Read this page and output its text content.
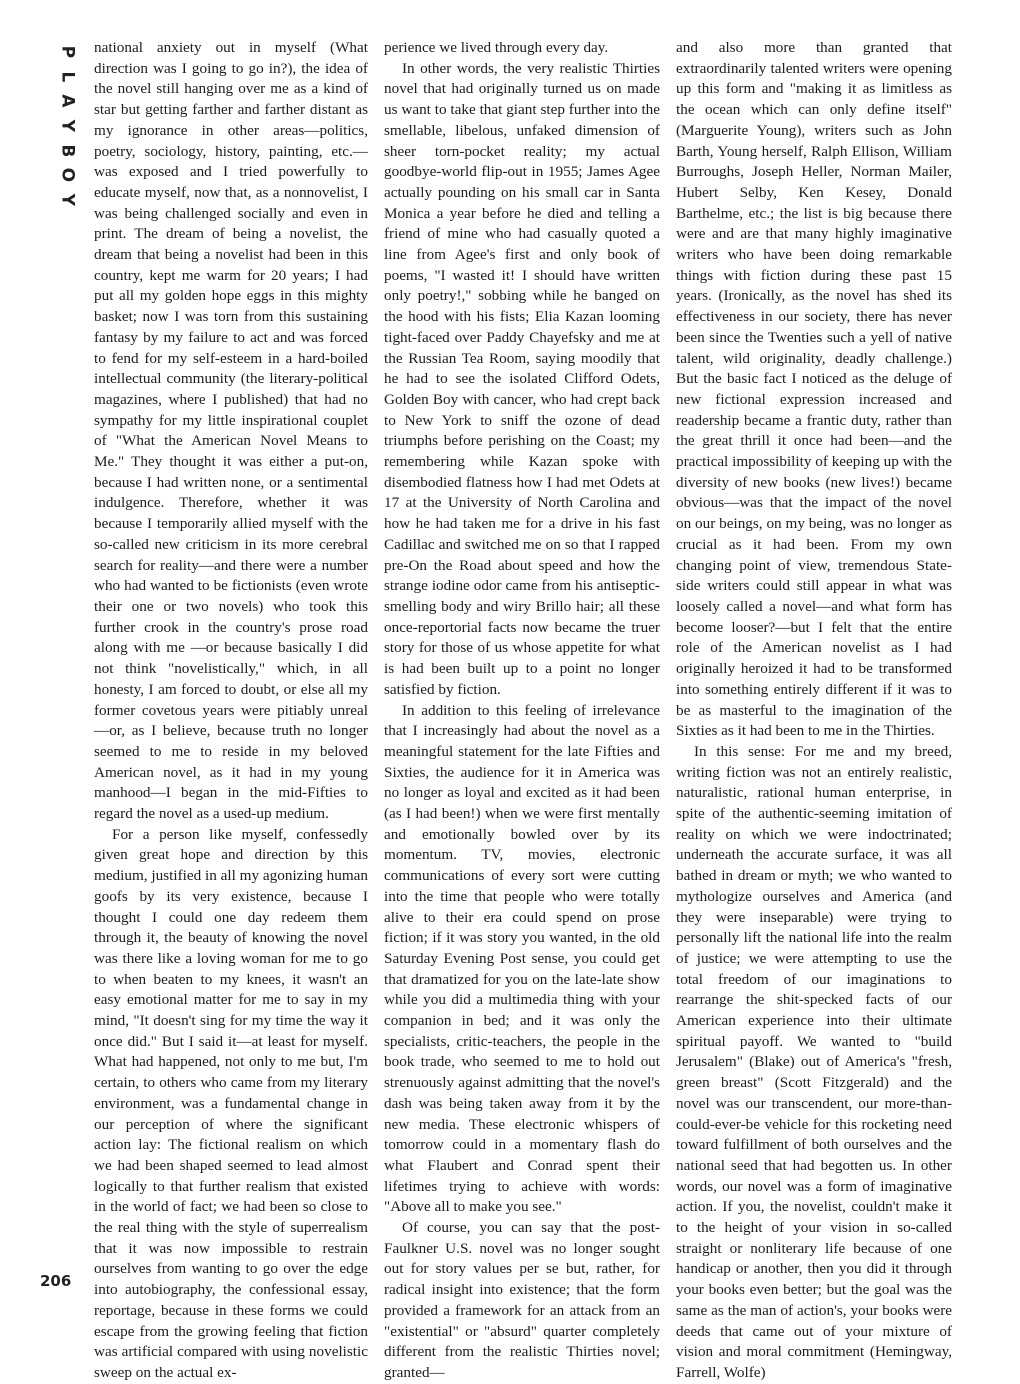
P
L
A
Y
B
O
Y

national anxiety out in myself (What direction was I going to go in?), the idea of the novel still hanging over me as a kind of star but getting farther and farther distant as my ignorance in other areas—politics, poetry, sociology, history, painting, etc.—was exposed and I tried powerfully to educate myself, now that, as a nonnovelist, I was being challenged socially and even in print. The dream of being a novelist, the dream that being a novelist had been in this country, kept me warm for 20 years; I had put all my golden hope eggs in this mighty basket; now I was torn from this sustaining fantasy by my failure to act and was forced to fend for my self-esteem in a hard-boiled intellectual community (the literary-political magazines, where I published) that had no sympathy for my little inspirational couplet of "What the American Novel Means to Me." They thought it was either a put-on, because I had written none, or a sentimental indulgence. Therefore, whether it was because I temporarily allied myself with the so-called new criticism in its more cerebral search for reality—and there were a number who had wanted to be fictionists (even wrote their one or two novels) who took this further crook in the country's prose road along with me —or because basically I did not think "novelistically," which, in all honesty, I am forced to doubt, or else all my former covetous years were pitiably unreal —or, as I believe, because truth no longer seemed to me to reside in my beloved American novel, as it had in my young manhood—I began in the mid-Fifties to regard the novel as a used-up medium.

For a person like myself, confessedly given great hope and direction by this medium, justified in all my agonizing human goofs by its very existence, because I thought I could one day redeem them through it, the beauty of knowing the novel was there like a loving woman for me to go to when beaten to my knees, it wasn't an easy emotional matter for me to say in my mind, "It doesn't sing for my time the way it once did." But I said it—at least for myself. What had happened, not only to me but, I'm certain, to others who came from my literary environment, was a fundamental change in our perception of where the significant action lay: The fictional realism on which we had been shaped seemed to lead almost logically to that further realism that existed in the world of fact; we had been so close to the real thing with the style of superrealism that it was now impossible to restrain ourselves from wanting to go over the edge into autobiography, the confessional essay, reportage, because in these forms we could escape from the growing feeling that fiction was artificial compared with using novelistic sweep on the actual ex-

perience we lived through every day.

In other words, the very realistic Thirties novel that had originally turned us on made us want to take that giant step further into the smellable, libelous, unfaked dimension of sheer torn-pocket reality; my actual goodbye-world flip-out in 1955; James Agee actually pounding on his small car in Santa Monica a year before he died and telling a friend of mine who had casually quoted a line from Agee's first and only book of poems, "I wasted it! I should have written only poetry!," sobbing while he banged on the hood with his fists; Elia Kazan looming tight-faced over Paddy Chayefsky and me at the Russian Tea Room, saying moodily that he had to see the isolated Clifford Odets, Golden Boy with cancer, who had crept back to New York to sniff the ozone of dead triumphs before perishing on the Coast; my remembering while Kazan spoke with disembodied flatness how I had met Odets at 17 at the University of North Carolina and how he had taken me for a drive in his fast Cadillac and switched me on so that I rapped pre-On the Road about speed and how the strange iodine odor came from his antiseptic-smelling body and wiry Brillo hair; all these once-reportorial facts now became the truer story for those of us whose appetite for what is had been built up to a point no longer satisfied by fiction.

In addition to this feeling of irrelevance that I increasingly had about the novel as a meaningful statement for the late Fifties and Sixties, the audience for it in America was no longer as loyal and excited as it had been (as I had been!) when we were first mentally and emotionally bowled over by its momentum. TV, movies, electronic communications of every sort were cutting into the time that people who were totally alive to their era could spend on prose fiction; if it was story you wanted, in the old Saturday Evening Post sense, you could get that dramatized for you on the late-late show while you did a multimedia thing with your companion in bed; and it was only the specialists, critic-teachers, the people in the book trade, who seemed to me to hold out strenuously against admitting that the novel's dash was being taken away from it by the new media. These electronic whispers of tomorrow could in a momentary flash do what Flaubert and Conrad spent their lifetimes trying to achieve with words: "Above all to make you see."

Of course, you can say that the post-Faulkner U.S. novel was no longer sought out for story values per se but, rather, for radical insight into existence; that the form provided a framework for an attack from an "existential" or "absurd" quarter completely different from the realistic Thirties novel; granted—

and also more than granted that extraordinarily talented writers were opening up this form and "making it as limitless as the ocean which can only define itself" (Marguerite Young), writers such as John Barth, Young herself, Ralph Ellison, William Burroughs, Joseph Heller, Norman Mailer, Hubert Selby, Ken Kesey, Donald Barthelme, etc.; the list is big because there were and are that many highly imaginative writers who have been doing remarkable things with fiction during these past 15 years. (Ironically, as the novel has shed its effectiveness in our society, there has never been since the Twenties such a yell of native talent, wild originality, deadly challenge.) But the basic fact I noticed as the deluge of new fictional expression increased and readership became a frantic duty, rather than the great thrill it once had been—and the practical impossibility of keeping up with the diversity of new books (new lives!) became obvious—was that the impact of the novel on our beings, on my being, was no longer as crucial as it had been. From my own changing point of view, tremendous State-side writers could still appear in what was loosely called a novel—and what form has become looser?—but I felt that the entire role of the American novelist as I had originally heroized it had to be transformed into something entirely different if it was to be as masterful to the imagination of the Sixties as it had been to me in the Thirties.

In this sense: For me and my breed, writing fiction was not an entirely realistic, naturalistic, rational human enterprise, in spite of the authentic-seeming imitation of reality on which we were indoctrinated; underneath the accurate surface, it was all bathed in dream or myth; we who wanted to mythologize ourselves and America (and they were inseparable) were trying to personally lift the national life into the realm of justice; we were attempting to use the total freedom of our imaginations to rearrange the shit-specked facts of our American experience into their ultimate spiritual payoff. We wanted to "build Jerusalem" (Blake) out of America's "fresh, green breast" (Scott Fitzgerald) and the novel was our transcendent, our more-than-could-ever-be vehicle for this rocketing need toward fulfillment of both ourselves and the national seed that had begotten us. In other words, our novel was a form of imaginative action. If you, the novelist, couldn't make it to the height of your vision in so-called straight or nonliterary life because of one handicap or another, then you did it through your books even better; but the goal was the same as the man of action's, your books were deeds that came out of your mixture of vision and moral commitment (Hemingway, Farrell, Wolfe)

206
